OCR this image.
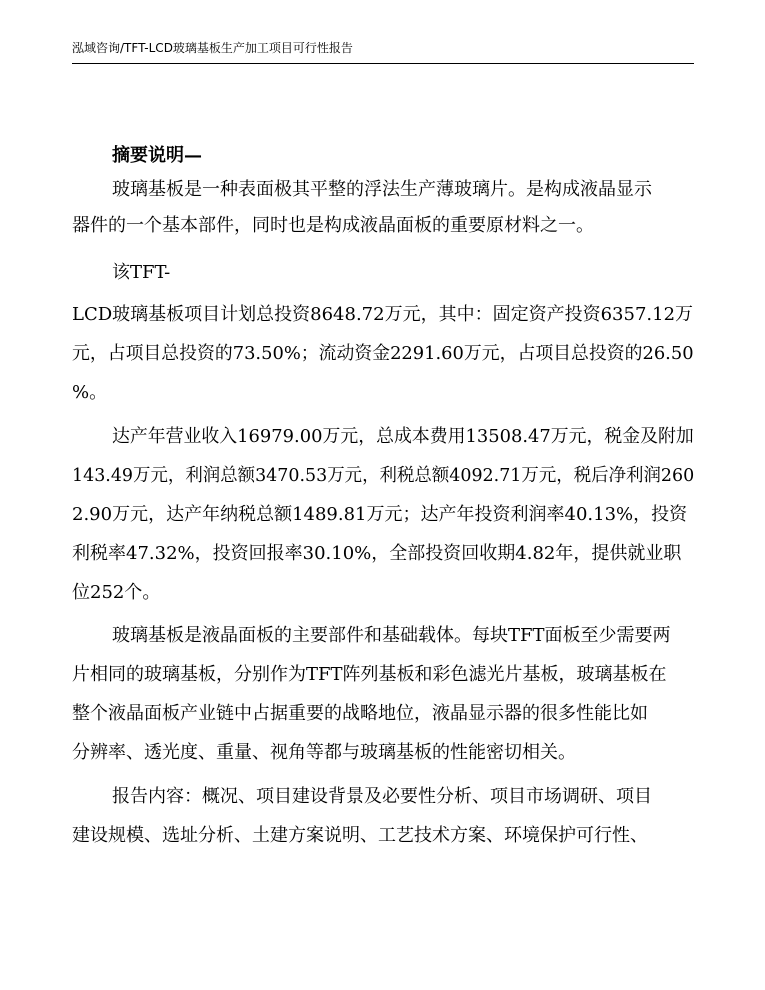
泓域咨询/TFT-LCD玻璃基板生产加工项目可行性报告
摘要说明—
玻璃基板是一种表面极其平整的浮法生产薄玻璃片。是构成液晶显示
器件的一个基本部件，同时也是构成液晶面板的重要原材料之一。
该TFT-
LCD玻璃基板项目计划总投资8648.72万元，其中：固定资产投资6357.12万
元，占项目总投资的73.50%；流动资金2291.60万元，占项目总投资的26.50
%。
达产年营业收入16979.00万元，总成本费用13508.47万元，税金及附加
143.49万元，利润总额3470.53万元，利税总额4092.71万元，税后净利润260
2.90万元，达产年纳税总额1489.81万元；达产年投资利润率40.13%，投资
利税率47.32%，投资回报率30.10%，全部投资回收期4.82年，提供就业职
位252个。
玻璃基板是液晶面板的主要部件和基础载体。每块TFT面板至少需要两
片相同的玻璃基板，分别作为TFT阵列基板和彩色滤光片基板，玻璃基板在
整个液晶面板产业链中占据重要的战略地位，液晶显示器的很多性能比如
分辨率、透光度、重量、视角等都与玻璃基板的性能密切相关。
报告内容：概况、项目建设背景及必要性分析、项目市场调研、项目
建设规模、选址分析、土建方案说明、工艺技术方案、环境保护可行性、
